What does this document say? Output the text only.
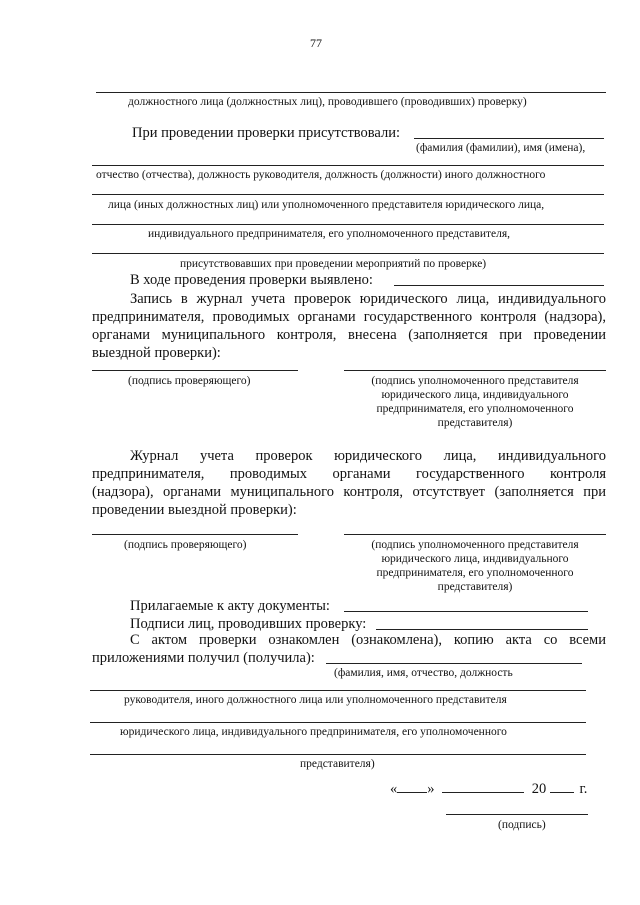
77
должностного лица (должностных лиц), проводившего (проводивших) проверку)
При проведении проверки присутствовали:
(фамилия (фамилии), имя (имена),
отчество (отчества), должность руководителя, должность (должности) иного должностного
лица (иных должностных лиц) или уполномоченного представителя юридического лица,
индивидуального предпринимателя, его уполномоченного представителя,
присутствовавших при проведении мероприятий по проверке)
В ходе проведения проверки выявлено:
Запись в журнал учета проверок юридического лица, индивидуального
предпринимателя, проводимых органами государственного контроля (надзора),
органами муниципального контроля, внесена (заполняется при проведении
выездной проверки):
(подпись проверяющего)	(подпись уполномоченного представителя
юридического лица, индивидуального
предпринимателя, его уполномоченного
представителя)
Журнал учета проверок юридического лица, индивидуального
предпринимателя, проводимых органами государственного контроля
(надзора), органами муниципального контроля, отсутствует (заполняется при
проведении выездной проверки):
(подпись проверяющего)	(подпись уполномоченного представителя
юридического лица, индивидуального
предпринимателя, его уполномоченного
представителя)
Прилагаемые к акту документы:
Подписи лиц, проводивших проверку:
С актом проверки ознакомлен (ознакомлена), копию акта со всеми
приложениями получил (получила):
(фамилия, имя, отчество, должность
руководителя, иного должностного лица или уполномоченного представителя
юридического лица, индивидуального предпринимателя, его уполномоченного
представителя)
« »	20 г.
(подпись)
